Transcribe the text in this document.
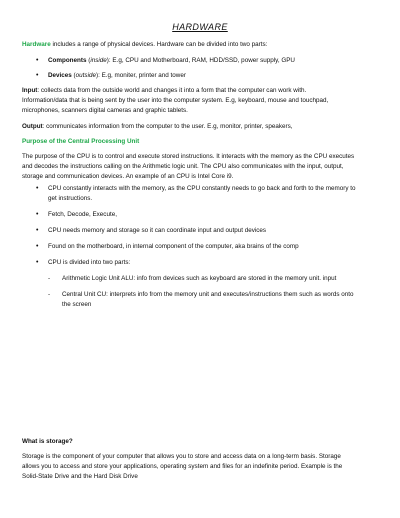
HARDWARE
Hardware includes a range of physical devices. Hardware can be divided into two parts:
• Components (inside): E.g, CPU and Motherboard, RAM, HDD/SSD, power supply, GPU
• Devices (outside): E.g, moniter, printer and tower
Input: collects data from the outside world and changes it into a form that the computer can work with.
Information/data that is being sent by the user into the computer system. E.g, keyboard, mouse and touchpad,
microphones, scanners digital cameras and graphic tablets.
Output: communicates information from the computer to the user. E.g, monitor, printer, speakers,
Purpose of the Central Processing Unit
The purpose of the CPU is to control and execute stored instructions. It interacts with the memory as the CPU executes
and decodes the instructions calling on the Arithmetic logic unit. The CPU also communicates with the input, output,
storage and communication devices. An example of an CPU is Intel Core i9.
• CPU constantly interacts with the memory, as the CPU constantly needs to go back and forth to the memory to
get instructions.
• Fetch, Decode, Execute,
• CPU needs memory and storage so it can coordinate input and output devices
• Found on the motherboard, in internal component of the computer, aka brains of the comp
• CPU is divided into two parts:
- Arithmetic Logic Unit ALU: info from devices such as keyboard are stored in the memory unit. input
- Central Unit CU: interprets info from the memory unit and executes/instructions them such as words onto
the screen
What is storage?
Storage is the component of your computer that allows you to store and access data on a long-term basis. Storage
allows you to access and store your applications, operating system and files for an indefinite period. Example is the
Solid-State Drive and the Hard Disk Drive
